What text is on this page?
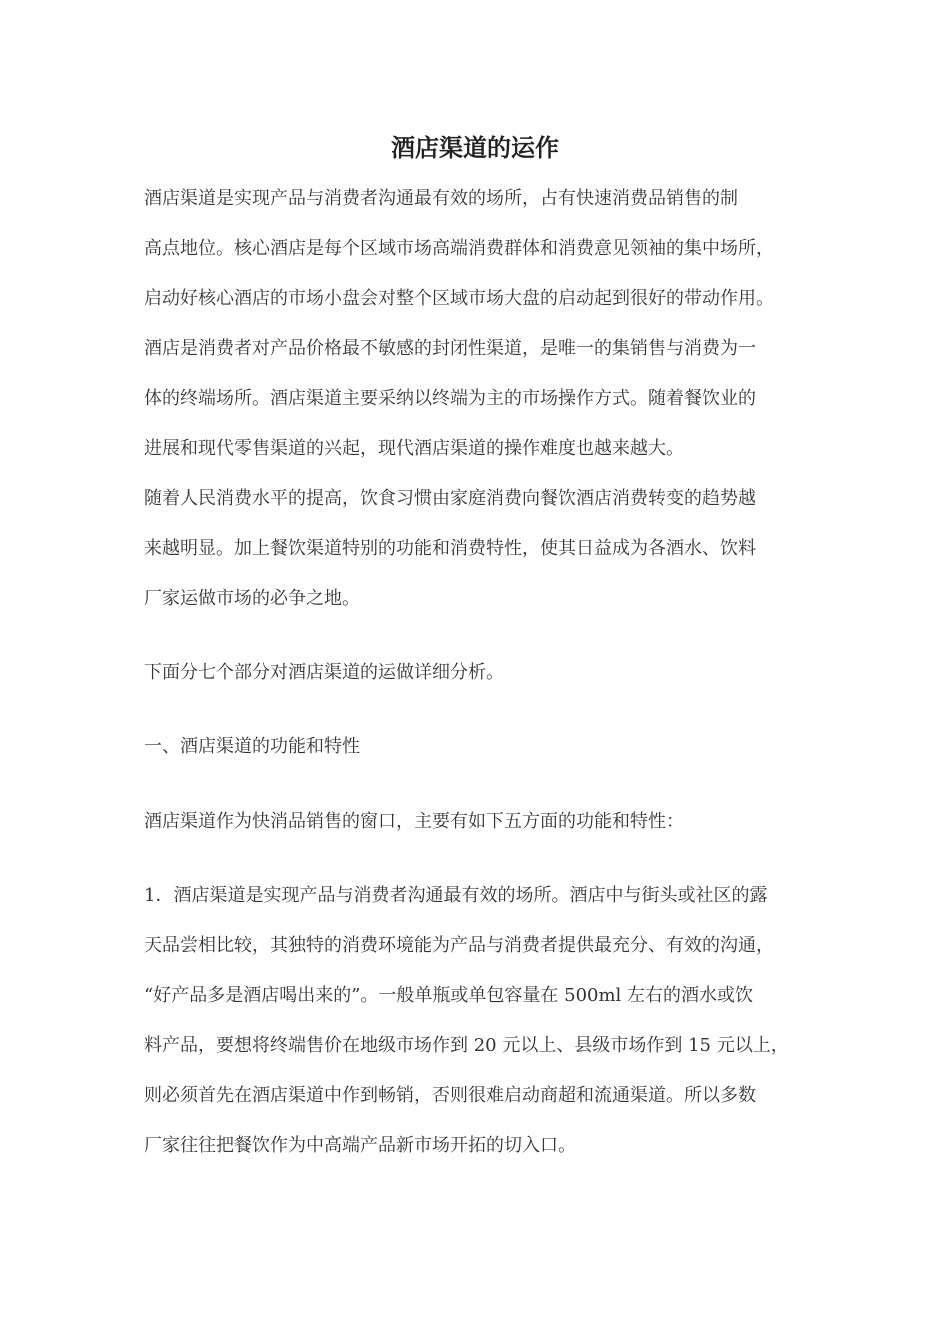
酒店渠道的运作
酒店渠道是实现产品与消费者沟通最有效的场所，占有快速消费品销售的制
高点地位。核心酒店是每个区域市场高端消费群体和消费意见领袖的集中场所，
启动好核心酒店的市场小盘会对整个区域市场大盘的启动起到很好的带动作用。
酒店是消费者对产品价格最不敏感的封闭性渠道，是唯一的集销售与消费为一
体的终端场所。酒店渠道主要采纳以终端为主的市场操作方式。随着餐饮业的
进展和现代零售渠道的兴起，现代酒店渠道的操作难度也越来越大。
随着人民消费水平的提高，饮食习惯由家庭消费向餐饮酒店消费转变的趋势越
来越明显。加上餐饮渠道特别的功能和消费特性，使其日益成为各酒水、饮料
厂家运做市场的必争之地。
下面分七个部分对酒店渠道的运做详细分析。
一、酒店渠道的功能和特性
酒店渠道作为快消品销售的窗口，主要有如下五方面的功能和特性：
1．酒店渠道是实现产品与消费者沟通最有效的场所。酒店中与街头或社区的露
天品尝相比较，其独特的消费环境能为产品与消费者提供最充分、有效的沟通，
“好产品多是酒店喝出来的”。一般单瓶或单包容量在 500ml 左右的酒水或饮
料产品，要想将终端售价在地级市场作到 20 元以上、县级市场作到 15 元以上，
则必须首先在酒店渠道中作到畅销，否则很难启动商超和流通渠道。所以多数
厂家往往把餐饮作为中高端产品新市场开拓的切入口。
